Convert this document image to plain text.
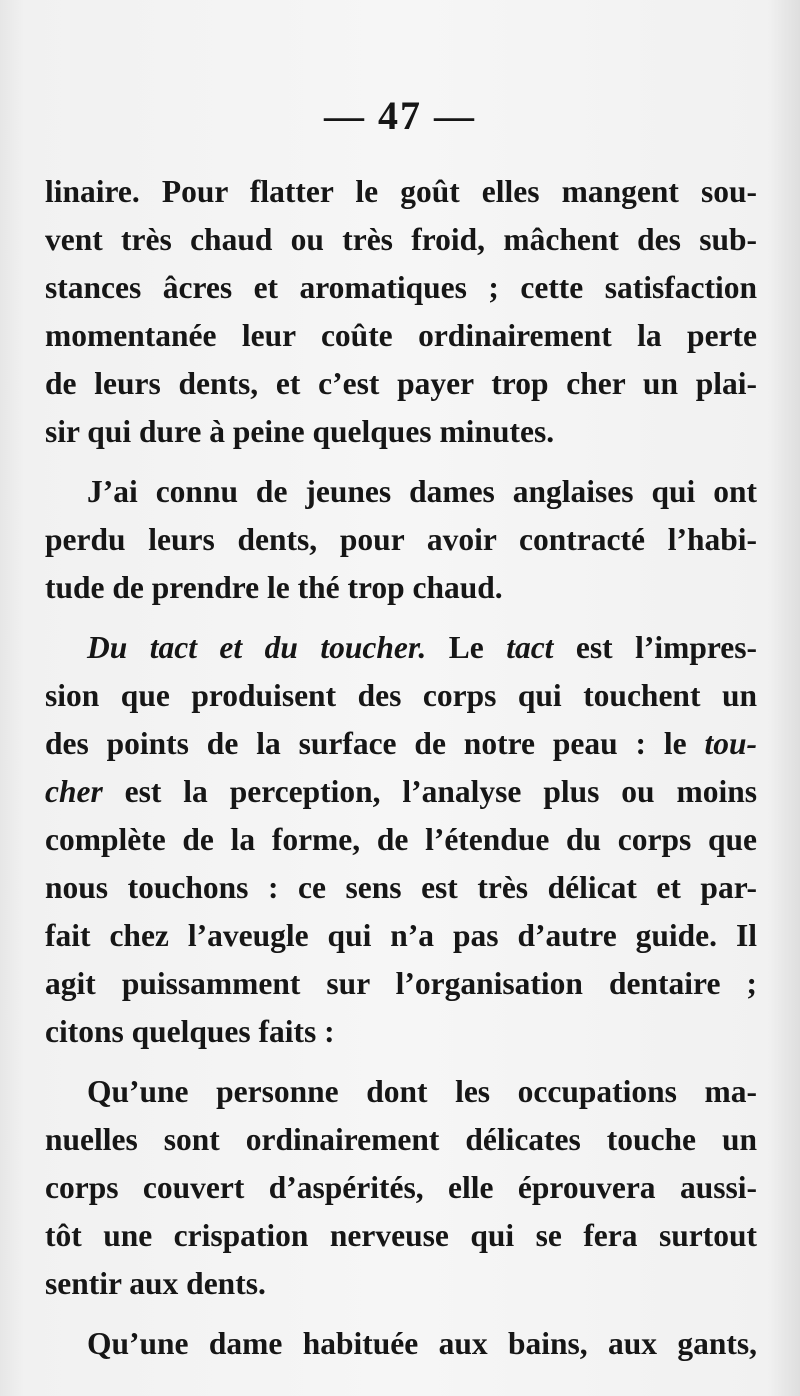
— 47 —
linaire. Pour flatter le goût elles mangent sou-
vent très chaud ou très froid, mâchent des sub-
stances âcres et aromatiques ; cette satisfaction
momentanée leur coûte ordinairement la perte
de leurs dents, et c’est payer trop cher un plai-
sir qui dure à peine quelques minutes.
J’ai connu de jeunes dames anglaises qui ont
perdu leurs dents, pour avoir contracté l’habi-
tude de prendre le thé trop chaud.
Du tact et du toucher. Le tact est l’impres-
sion que produisent des corps qui touchent un
des points de la surface de notre peau : le tou-
cher est la perception, l’analyse plus ou moins
complète de la forme, de l’étendue du corps que
nous touchons : ce sens est très délicat et par-
fait chez l’aveugle qui n’a pas d’autre guide. Il
agit puissamment sur l’organisation dentaire ;
citons quelques faits :
Qu’une personne dont les occupations ma-
nuelles sont ordinairement délicates touche un
corps couvert d’aspérités, elle éprouvera aussi-
tôt une crispation nerveuse qui se fera surtout
sentir aux dents.
Qu’une dame habituée aux bains, aux gants,
